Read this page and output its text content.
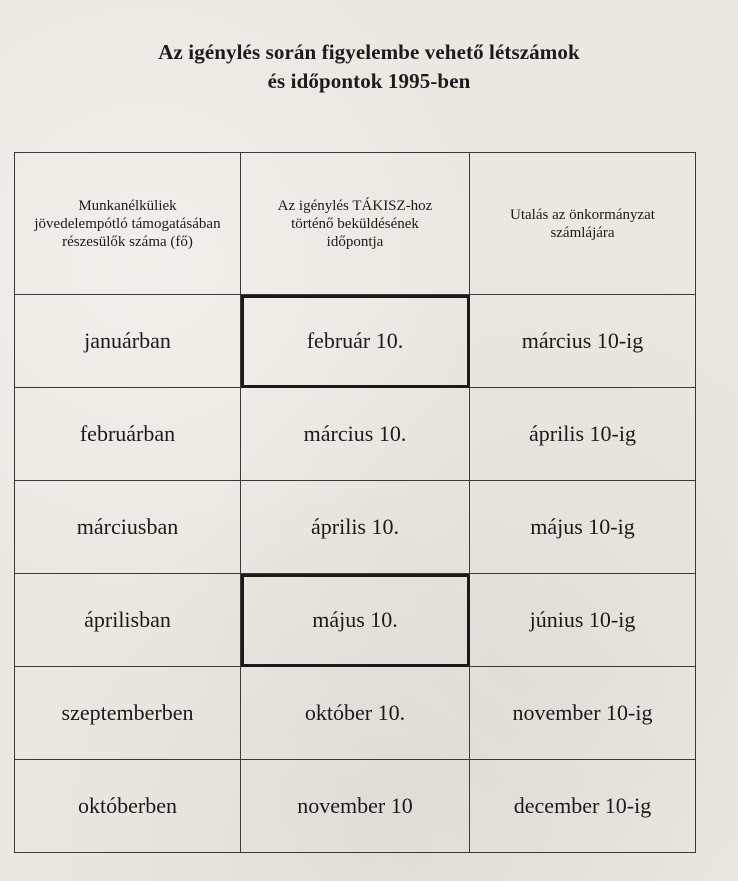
Az igénylés során figyelembe vehető létszámok
és időpontok 1995-ben
Munkanélküliek jövedelempótló támogatásában részesülők száma (fő)	Az igénylés TÁKISZ-hoz történő beküldésének időpontja	Utalás az önkormányzat számlájára
januárban	február 10.	március 10-ig
februárban	március 10.	április 10-ig
márciusban	április 10.	május 10-ig
áprilisban	május 10.	június 10-ig
szeptemberben	október 10.	november 10-ig
októberben	november 10	december 10-ig
